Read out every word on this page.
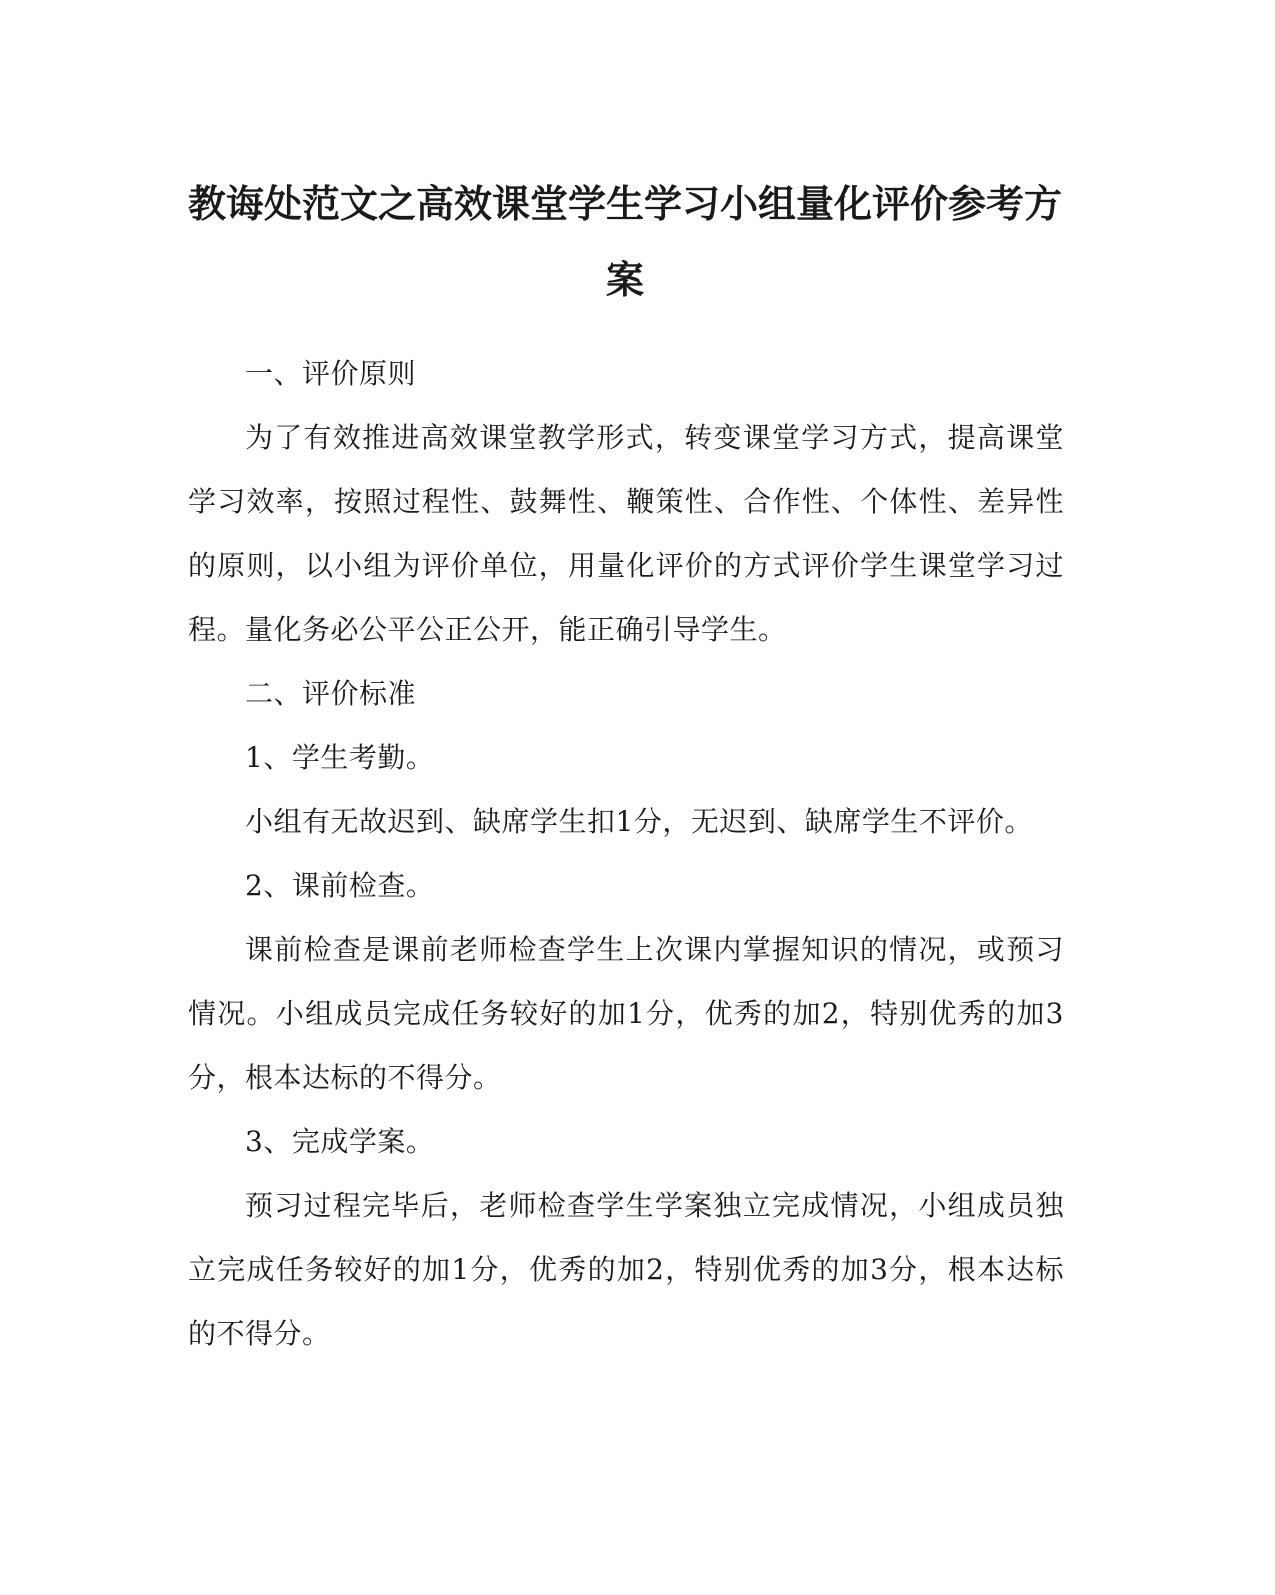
教诲处范文之高效课堂学生学习小组量化评价参考方案

一、评价原则

为了有效推进高效课堂教学形式，转变课堂学习方式，提高课堂学习效率，按照过程性、鼓舞性、鞭策性、合作性、个体性、差异性的原则，以小组为评价单位，用量化评价的方式评价学生课堂学习过程。量化务必公平公正公开，能正确引导学生。

二、评价标准

1、学生考勤。

小组有无故迟到、缺席学生扣1分，无迟到、缺席学生不评价。

2、课前检查。

课前检查是课前老师检查学生上次课内掌握知识的情况，或预习情况。小组成员完成任务较好的加1分，优秀的加2，特别优秀的加3分，根本达标的不得分。

3、完成学案。

预习过程完毕后，老师检查学生学案独立完成情况，小组成员独立完成任务较好的加1分，优秀的加2，特别优秀的加3分，根本达标的不得分。
